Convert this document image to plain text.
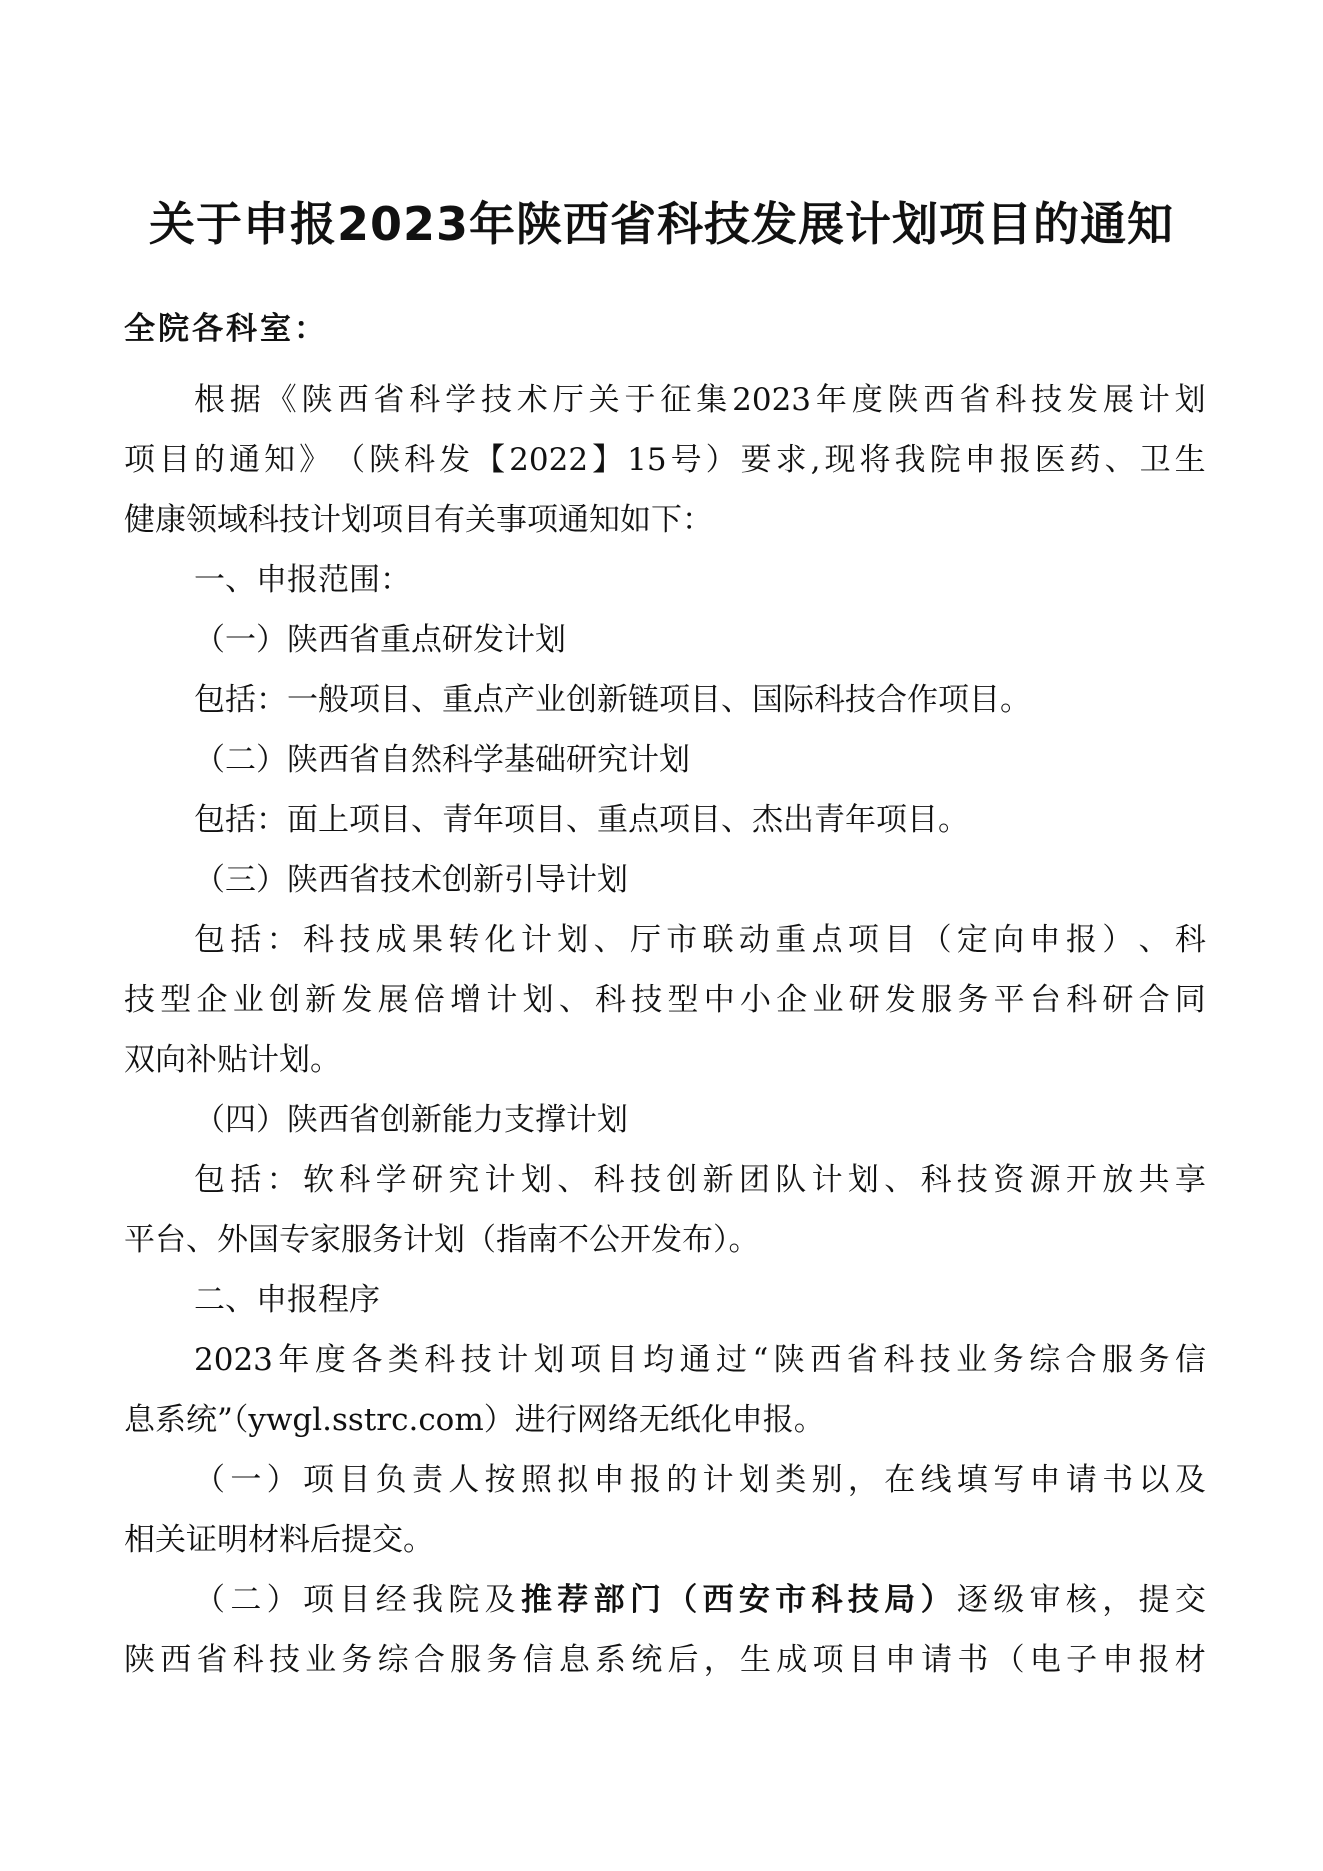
关于申报2023年陕西省科技发展计划项目的通知
全院各科室：
根 据 《 陕 西 省 科 学 技 术 厅 关 于 征 集 2023 年 度 陕 西 省 科 技 发 展 计 划
项 目 的 通 知 》 （ 陕 科 发 【 2022 】 15 号 ） 要 求 , 现 将 我 院 申 报 医 药 、 卫 生
健康领域科技计划项目有关事项通知如下：
一、申报范围：
（一）陕西省重点研发计划
包括：一般项目、重点产业创新链项目、国际科技合作项目。
（二）陕西省自然科学基础研究计划
包括：面上项目、青年项目、重点项目、杰出青年项目。
（三）陕西省技术创新引导计划
包 括 ： 科 技 成 果 转 化 计 划 、 厅 市 联 动 重 点 项 目 （ 定 向 申 报 ） 、 科
技 型 企 业 创 新 发 展 倍 增 计 划 、 科 技 型 中 小 企 业 研 发 服 务 平 台 科 研 合 同
双向补贴计划。
（四）陕西省创新能力支撑计划
包 括 ： 软 科 学 研 究 计 划 、 科 技 创 新 团 队 计 划 、 科 技 资 源 开 放 共 享
平台、外国专家服务计划（指南不公开发布）。
二、申报程序
2023 年 度 各 类 科 技 计 划 项 目 均 通 过 “ 陕 西 省 科 技 业 务 综 合 服 务 信
息系统”（ywgl.sstrc.com）进行网络无纸化申报。
（ 一 ） 项 目 负 责 人 按 照 拟 申 报 的 计 划 类 别 ， 在 线 填 写 申 请 书 以 及
相关证明材料后提交。
（ 二 ） 项 目 经 我 院 及 推 荐 部 门 （ 西 安 市 科 技 局 ） 逐 级 审 核 ， 提 交
陕 西 省 科 技 业 务 综 合 服 务 信 息 系 统 后 ， 生 成 项 目 申 请 书 （ 电 子 申 报 材
